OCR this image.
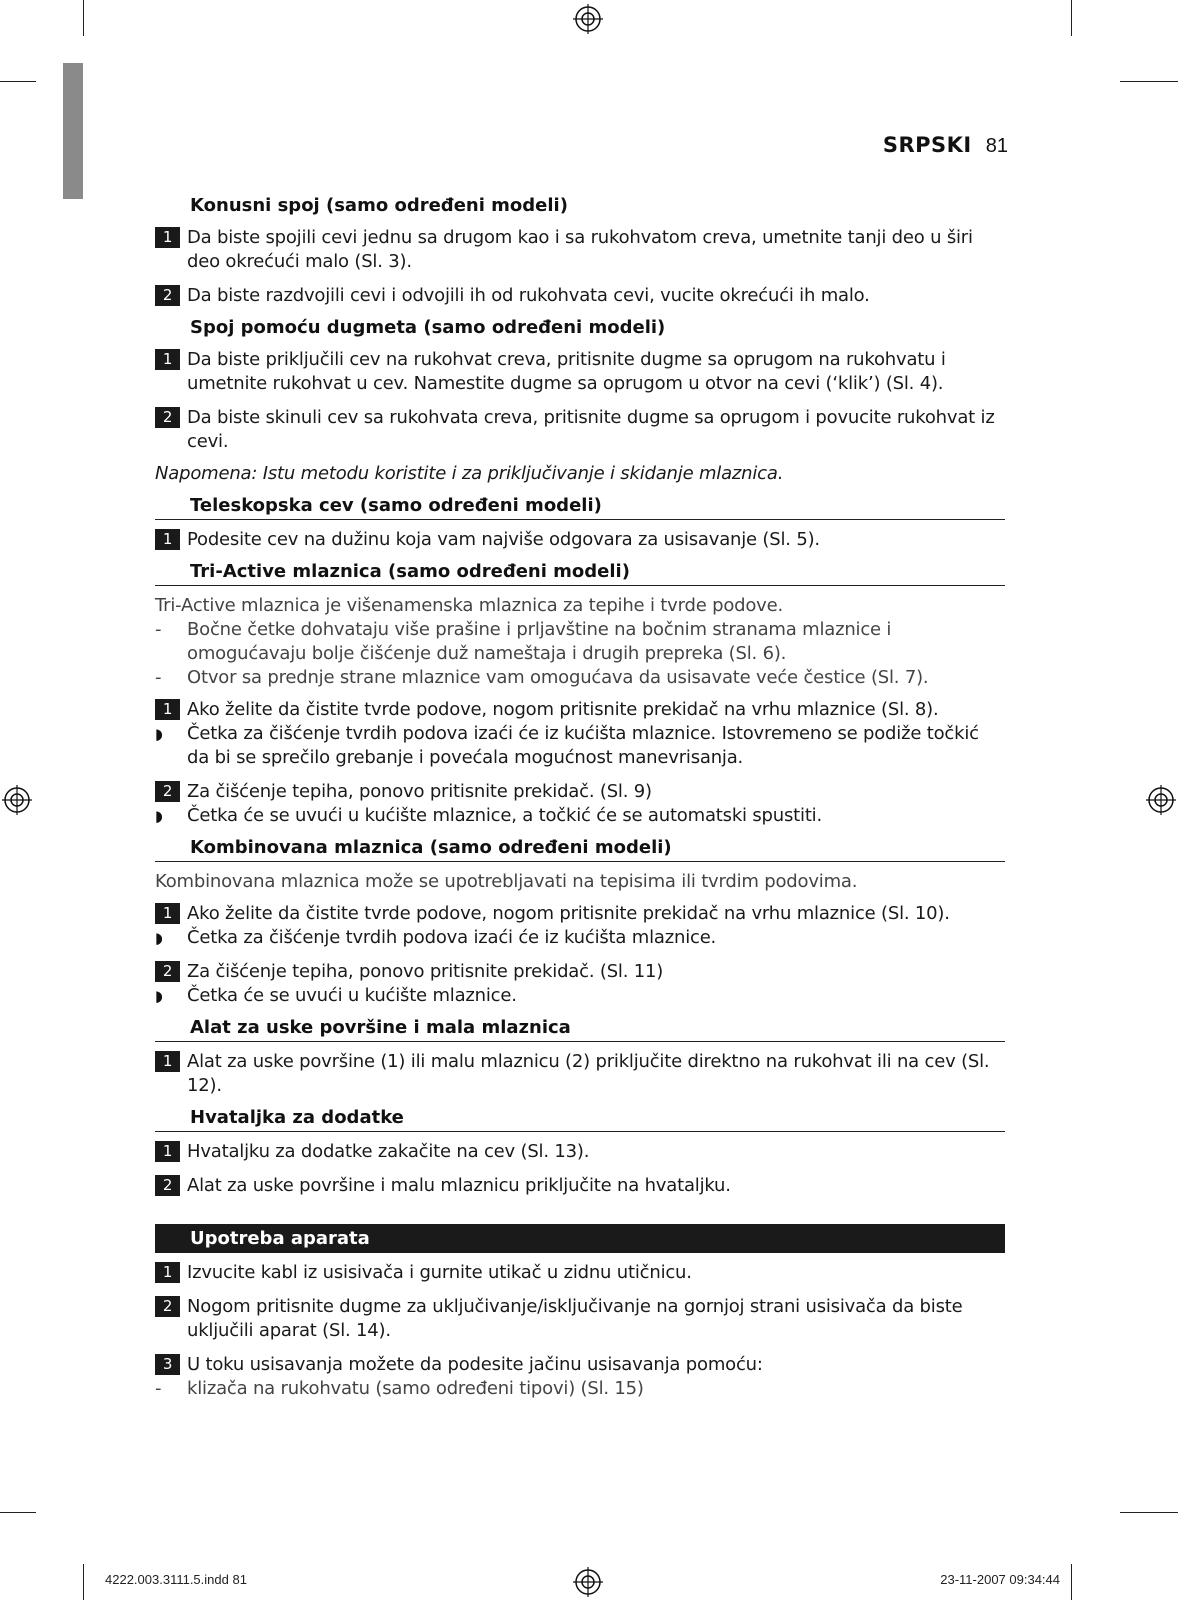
SRPSKI 81
Konusni spoj (samo određeni modeli)
1 Da biste spojili cevi jednu sa drugom kao i sa rukohvatom creva, umetnite tanji deo u širi deo okrećući malo (Sl. 3).
2 Da biste razdvojili cevi i odvojili ih od rukohvata cevi, vucite okrećući ih malo.
Spoj pomoću dugmeta (samo određeni modeli)
1 Da biste priključili cev na rukohvat creva, pritisnite dugme sa oprugom na rukohvatu i umetnite rukohvat u cev. Namestite dugme sa oprugom u otvor na cevi (‘klik’) (Sl. 4).
2 Da biste skinuli cev sa rukohvata creva, pritisnite dugme sa oprugom i povucite rukohvat iz cevi.
Napomena: Istu metodu koristite i za priključivanje i skidanje mlaznica.
Teleskopska cev (samo određeni modeli)
1 Podesite cev na dužinu koja vam najviše odgovara za usisavanje (Sl. 5).
Tri-Active mlaznica (samo određeni modeli)
Tri-Active mlaznica je višenamenska mlaznica za tepihe i tvrde podove.
-	Bočne četke dohvataju više prašine i prljavštine na bočnim stranama mlaznice i omogućavaju bolje čišćenje duž nameštaja i drugih prepreka (Sl. 6).
-	Otvor sa prednje strane mlaznice vam omogućava da usisavate veće čestice (Sl. 7).
1 Ako želite da čistite tvrde podove, nogom pritisnite prekidač na vrhu mlaznice (Sl. 8).
◗	Četka za čišćenje tvrdih podova izaći će iz kućišta mlaznice. Istovremeno se podiže točkić da bi se sprečilo grebanje i povećala mogućnost manevrisanja.
2 Za čišćenje tepiha, ponovo pritisnite prekidač. (Sl. 9)
◗	Četka će se uvući u kućište mlaznice, a točkić će se automatski spustiti.
Kombinovana mlaznica (samo određeni modeli)
Kombinovana mlaznica može se upotrebljavati na tepisima ili tvrdim podovima.
1 Ako želite da čistite tvrde podove, nogom pritisnite prekidač na vrhu mlaznice (Sl. 10).
◗	Četka za čišćenje tvrdih podova izaći će iz kućišta mlaznice.
2 Za čišćenje tepiha, ponovo pritisnite prekidač. (Sl. 11)
◗	Četka će se uvući u kućište mlaznice.
Alat za uske površine i mala mlaznica
1 Alat za uske površine (1) ili malu mlaznicu (2) priključite direktno na rukohvat ili na cev (Sl. 12).
Hvataljka za dodatke
1 Hvataljku za dodatke zakačite na cev (Sl. 13).
2 Alat za uske površine i malu mlaznicu priključite na hvataljku.
Upotreba aparata
1 Izvucite kabl iz usisivača i gurnite utikač u zidnu utičnicu.
2 Nogom pritisnite dugme za uključivanje/isključivanje na gornjoj strani usisivača da biste uključili aparat (Sl. 14).
3 U toku usisavanja možete da podesite jačinu usisavanja pomoću:
-	klizača na rukohvatu (samo određeni tipovi) (Sl. 15)
4222.003.3111.5.indd 81	23-11-2007 09:34:44
